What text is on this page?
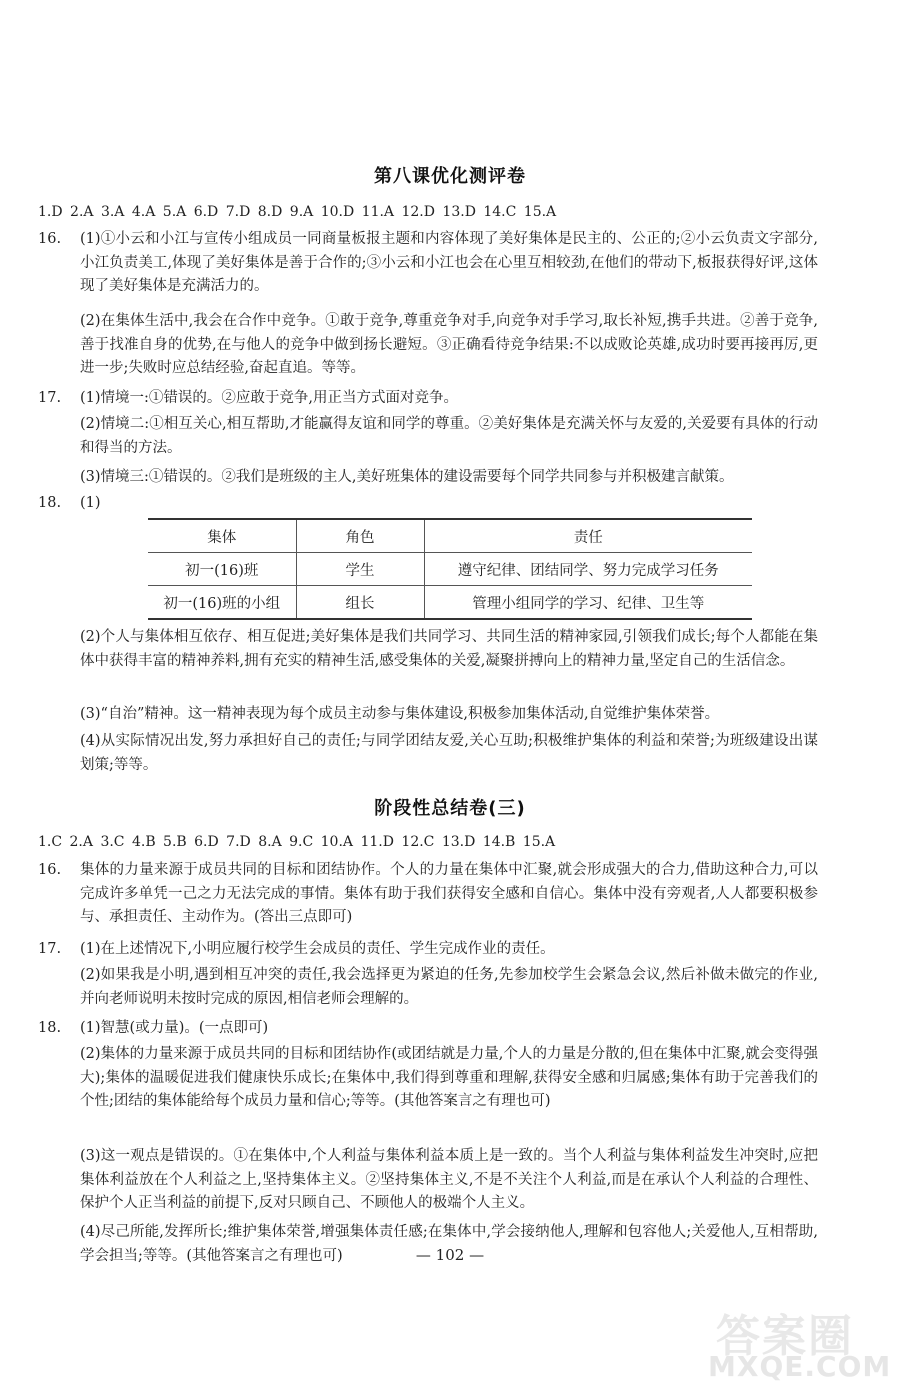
第八课优化测评卷
1.D 2.A 3.A 4.A 5.A 6.D 7.D 8.D 9.A 10.D 11.A 12.D 13.D 14.C 15.A
16. (1)①小云和小江与宣传小组成员一同商量板报主题和内容体现了美好集体是民主的、公正的;②小云负责文字部分,小江负责美工,体现了美好集体是善于合作的;③小云和小江也会在心里互相较劲,在他们的带动下,板报获得好评,这体现了美好集体是充满活力的。

(2)在集体生活中,我会在合作中竞争。①敢于竞争,尊重竞争对手,向竞争对手学习,取长补短,携手共进。②善于竞争,善于找准自身的优势,在与他人的竞争中做到扬长避短。③正确看待竞争结果:不以成败论英雄,成功时要再接再厉,更进一步;失败时应总结经验,奋起直追。等等。

17. (1)情境一:①错误的。②应敢于竞争,用正当方式面对竞争。

(2)情境二:①相互关心,相互帮助,才能赢得友谊和同学的尊重。②美好集体是充满关怀与友爱的,关爱要有具体的行动和得当的方法。

(3)情境三:①错误的。②我们是班级的主人,美好班集体的建设需要每个同学共同参与并积极建言献策。

18. (1)

集体	角色	责任
初一(16)班	学生	遵守纪律、团结同学、努力完成学习任务
初一(16)班的小组	组长	管理小组同学的学习、纪律、卫生等

(2)个人与集体相互依存、相互促进;美好集体是我们共同学习、共同生活的精神家园,引领我们成长;每个人都能在集体中获得丰富的精神养料,拥有充实的精神生活,感受集体的关爱,凝聚拼搏向上的精神力量,坚定自己的生活信念。

(3)“自治”精神。这一精神表现为每个成员主动参与集体建设,积极参加集体活动,自觉维护集体荣誉。

(4)从实际情况出发,努力承担好自己的责任;与同学团结友爱,关心互助;积极维护集体的利益和荣誉;为班级建设出谋划策;等等。

阶段性总结卷(三)
1.C 2.A 3.C 4.B 5.B 6.D 7.D 8.A 9.C 10.A 11.D 12.C 13.D 14.B 15.A
16. 集体的力量来源于成员共同的目标和团结协作。个人的力量在集体中汇聚,就会形成强大的合力,借助这种合力,可以完成许多单凭一己之力无法完成的事情。集体有助于我们获得安全感和自信心。集体中没有旁观者,人人都要积极参与、承担责任、主动作为。(答出三点即可)

17. (1)在上述情况下,小明应履行校学生会成员的责任、学生完成作业的责任。

(2)如果我是小明,遇到相互冲突的责任,我会选择更为紧迫的任务,先参加校学生会紧急会议,然后补做未做完的作业,并向老师说明未按时完成的原因,相信老师会理解的。

18. (1)智慧(或力量)。(一点即可)

(2)集体的力量来源于成员共同的目标和团结协作(或团结就是力量,个人的力量是分散的,但在集体中汇聚,就会变得强大);集体的温暖促进我们健康快乐成长;在集体中,我们得到尊重和理解,获得安全感和归属感;集体有助于完善我们的个性;团结的集体能给每个成员力量和信心;等等。(其他答案言之有理也可)

(3)这一观点是错误的。①在集体中,个人利益与集体利益本质上是一致的。当个人利益与集体利益发生冲突时,应把集体利益放在个人利益之上,坚持集体主义。②坚持集体主义,不是不关注个人利益,而是在承认个人利益的合理性、保护个人正当利益的前提下,反对只顾自己、不顾他人的极端个人主义。

(4)尽己所能,发挥所长;维护集体荣誉,增强集体责任感;在集体中,学会接纳他人,理解和包容他人;关爱他人,互相帮助,学会担当;等等。(其他答案言之有理也可)	— 102 —
答案圈
MXQE.COM
